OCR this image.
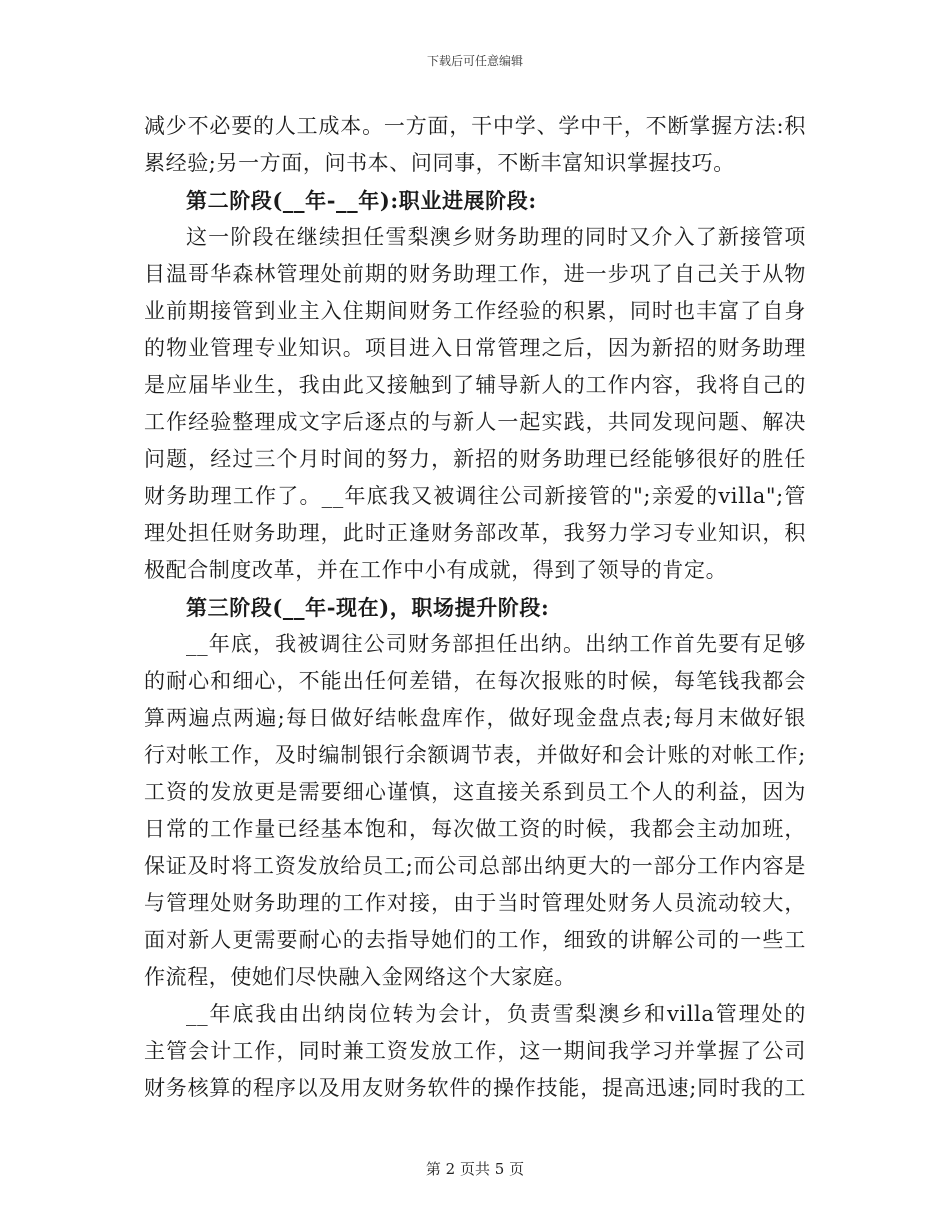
下载后可任意编辑
减少不必要的人工成本。一方面，干中学、学中干，不断掌握方法:积
累经验;另一方面，问书本、问同事，不断丰富知识掌握技巧。
第二阶段(__年-__年):职业进展阶段:
这一阶段在继续担任雪梨澳乡财务助理的同时又介入了新接管项
目温哥华森林管理处前期的财务助理工作，进一步巩了自己关于从物
业前期接管到业主入住期间财务工作经验的积累，同时也丰富了自身
的物业管理专业知识。项目进入日常管理之后，因为新招的财务助理
是应届毕业生，我由此又接触到了辅导新人的工作内容，我将自己的
工作经验整理成文字后逐点的与新人一起实践，共同发现问题、解决
问题，经过三个月时间的努力，新招的财务助理已经能够很好的胜任
财务助理工作了。__年底我又被调往公司新接管的";亲爱的villa";管
理处担任财务助理，此时正逢财务部改革，我努力学习专业知识，积
极配合制度改革，并在工作中小有成就，得到了领导的肯定。
第三阶段(__年-现在)，职场提升阶段:
__年底，我被调往公司财务部担任出纳。出纳工作首先要有足够
的耐心和细心，不能出任何差错，在每次报账的时候，每笔钱我都会
算两遍点两遍;每日做好结帐盘库作，做好现金盘点表;每月末做好银
行对帐工作，及时编制银行余额调节表，并做好和会计账的对帐工作;
工资的发放更是需要细心谨慎，这直接关系到员工个人的利益，因为
日常的工作量已经基本饱和，每次做工资的时候，我都会主动加班，
保证及时将工资发放给员工;而公司总部出纳更大的一部分工作内容是
与管理处财务助理的工作对接，由于当时管理处财务人员流动较大，
面对新人更需要耐心的去指导她们的工作，细致的讲解公司的一些工
作流程，使她们尽快融入金网络这个大家庭。
__年底我由出纳岗位转为会计，负责雪梨澳乡和villa管理处的
主管会计工作，同时兼工资发放工作，这一期间我学习并掌握了公司
财务核算的程序以及用友财务软件的操作技能，提高迅速;同时我的工
第 2 页共 5 页
